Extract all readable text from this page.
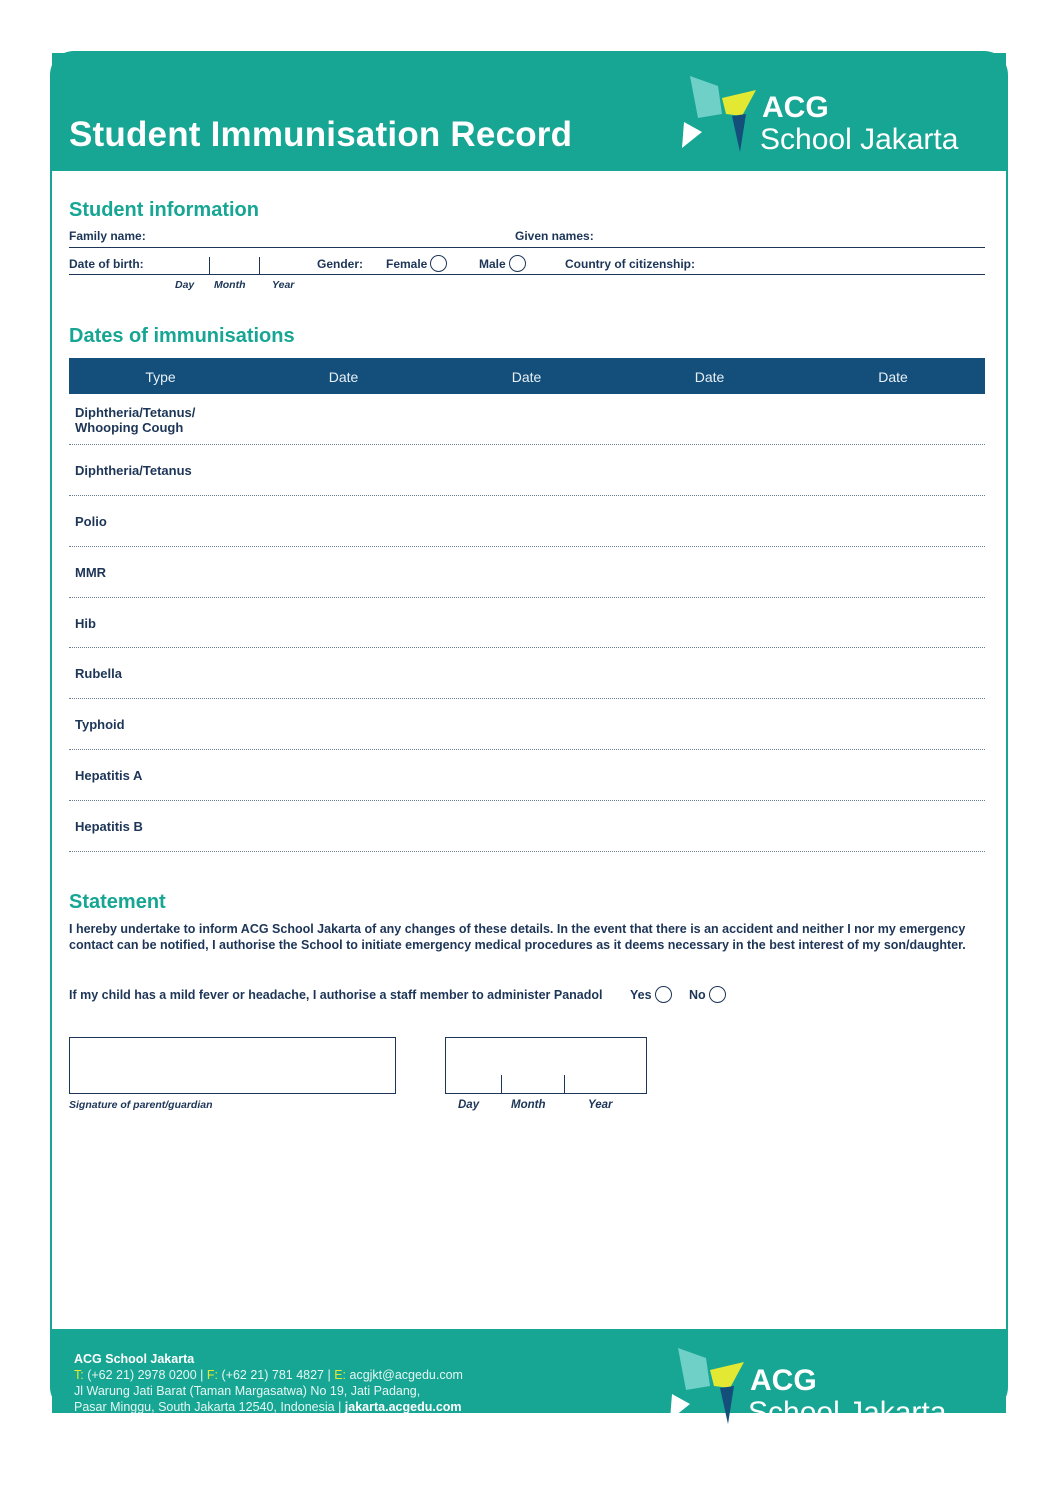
Student Immunisation Record
ACG
School Jakarta
Student information
Family name:	Given names:
Date of birth:	Gender: Female	Male	Country of citizenship:
Day Month	Year
Dates of immunisations
Type	Date	Date	Date	Date
Diphtheria/Tetanus/
Whooping Cough
Diphtheria/Tetanus
Polio
MMR
Hib
Rubella
Typhoid
Hepatitis A
Hepatitis B
Statement
I hereby undertake to inform ACG School Jakarta of any changes of these details. In the event that there is an accident and neither I nor my emergency contact can be notified, I authorise the School to initiate emergency medical procedures as it deems necessary in the best interest of my son/daughter.
If my child has a mild fever or headache, I authorise a staff member to administer Panadol Yes	No
Signature of parent/guardian	Day	Month	Year
ACG School Jakarta
T: (+62 21) 2978 0200 | F: (+62 21) 781 4827 | E: acgjkt@acgedu.com
Jl Warung Jati Barat (Taman Margasatwa) No 19, Jati Padang,
Pasar Minggu, South Jakarta 12540, Indonesia | jakarta.acgedu.com
ACG
School Jakarta
